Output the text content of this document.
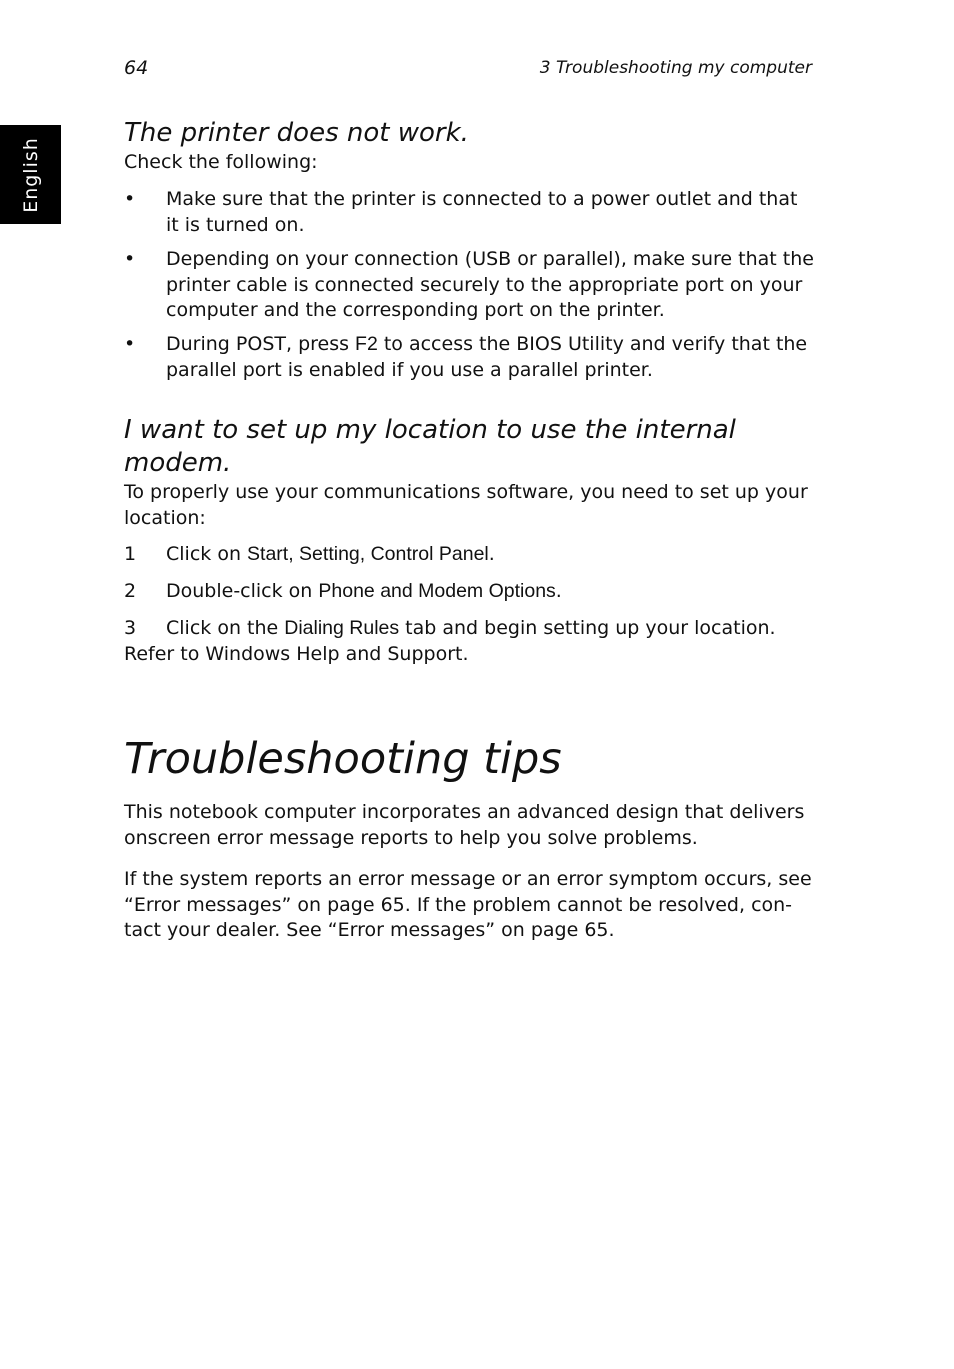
64	3 Troubleshooting my computer
English
The printer does not work.

Check the following:

• Make sure that the printer is connected to a power outlet and that it is turned on.
• Depending on your connection (USB or parallel), make sure that the printer cable is connected securely to the appropriate port on your computer and the corresponding port on the printer.
• During POST, press F2 to access the BIOS Utility and verify that the parallel port is enabled if you use a parallel printer.
I want to set up my location to use the internal modem.

To properly use your communications software, you need to set up your location:

1 Click on Start, Setting, Control Panel.
2 Double-click on Phone and Modem Options.
3 Click on the Dialing Rules tab and begin setting up your location. Refer to Windows Help and Support.
Troubleshooting tips

This notebook computer incorporates an advanced design that delivers onscreen error message reports to help you solve problems.

If the system reports an error message or an error symptom occurs, see “Error messages” on page 65. If the problem cannot be resolved, con-tact your dealer. See “Error messages” on page 65.
